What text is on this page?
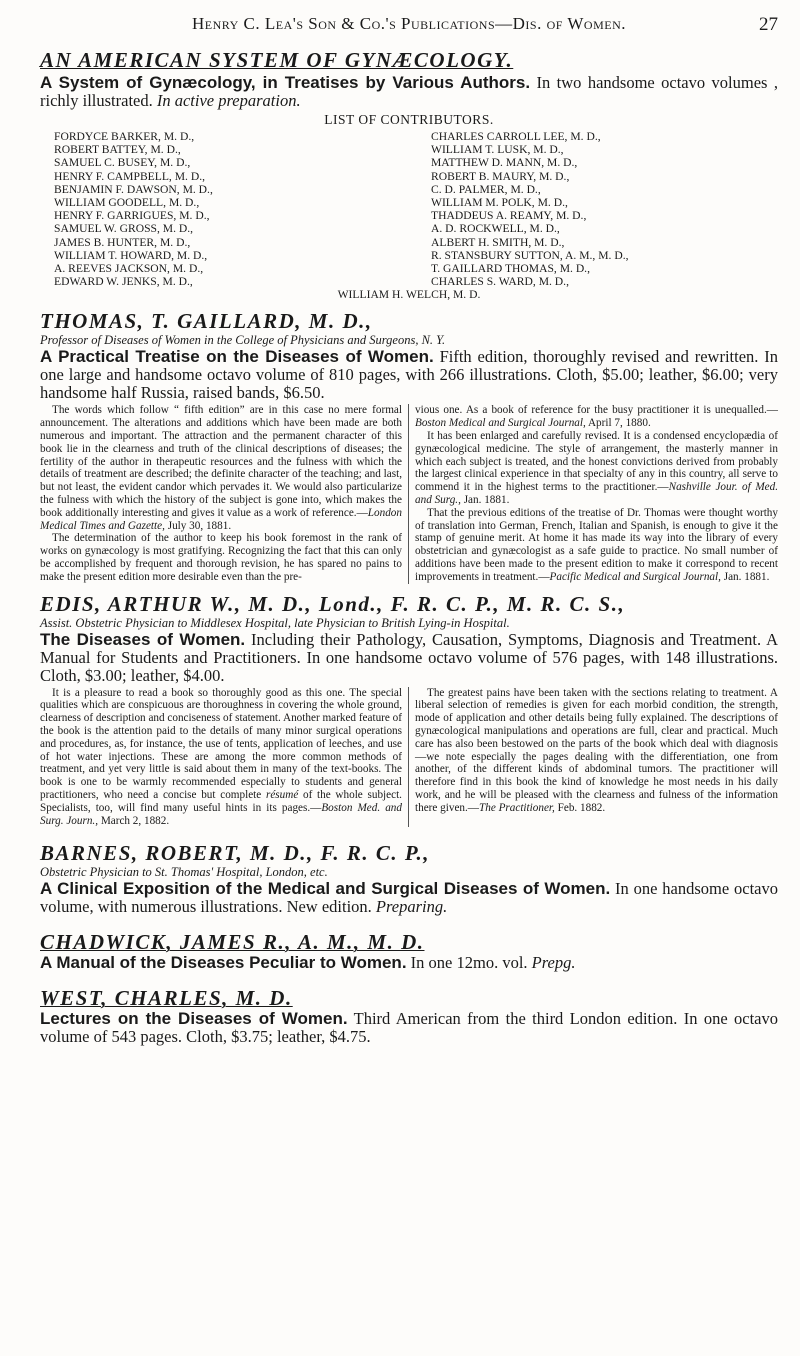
Henry C. Lea's Son & Co.'s Publications—Dis. of Women.	27
AN AMERICAN SYSTEM OF GYNÆCOLOGY.
A System of Gynæcology, in Treatises by Various Authors. In two handsome octavo volumes , richly illustrated. In active preparation.
LIST OF CONTRIBUTORS.
FORDYCE BARKER, M. D.,
ROBERT BATTEY, M. D.,
SAMUEL C. BUSEY, M. D.,
HENRY F. CAMPBELL, M. D.,
BENJAMIN F. DAWSON, M. D.,
WILLIAM GOODELL, M. D.,
HENRY F. GARRIGUES, M. D.,
SAMUEL W. GROSS, M. D.,
JAMES B. HUNTER, M. D.,
WILLIAM T. HOWARD, M. D.,
A. REEVES JACKSON, M. D.,
EDWARD W. JENKS, M. D.,
CHARLES CARROLL LEE, M. D.,
WILLIAM T. LUSK, M. D.,
MATTHEW D. MANN, M. D.,
ROBERT B. MAURY, M. D.,
C. D. PALMER, M. D.,
WILLIAM M. POLK, M. D.,
THADDEUS A. REAMY, M. D.,
A. D. ROCKWELL, M. D.,
ALBERT H. SMITH, M. D.,
R. STANSBURY SUTTON, A. M., M. D.,
T. GAILLARD THOMAS, M. D.,
CHARLES S. WARD, M. D.,
WILLIAM H. WELCH, M. D.
THOMAS, T. GAILLARD, M. D.,
Professor of Diseases of Women in the College of Physicians and Surgeons, N. Y.
A Practical Treatise on the Diseases of Women. Fifth edition, thoroughly revised and rewritten. In one large and handsome octavo volume of 810 pages, with 266 illustrations. Cloth, $5.00; leather, $6.00; very handsome half Russia, raised bands, $6.50.

The words which follow “ fifth edition” are in this case no mere formal announcement. The alterations and additions which have been made are both numerous and important. The attraction and the permanent character of this book lie in the clearness and truth of the clinical descriptions of diseases; the fertility of the author in therapeutic resources and the fulness with which the details of treatment are described; the definite character of the teaching; and last, but not least, the evident candor which pervades it. We would also particularize the fulness with which the history of the subject is gone into, which makes the book additionally interesting and gives it value as a work of reference.—London Medical Times and Gazette, July 30, 1881.

The determination of the author to keep his book foremost in the rank of works on gynæcology is most gratifying. Recognizing the fact that this can only be accomplished by frequent and thorough revision, he has spared no pains to make the present edition more desirable even than the pre-

vious one. As a book of reference for the busy practitioner it is unequalled.—Boston Medical and Surgical Journal, April 7, 1880.

It has been enlarged and carefully revised. It is a condensed encyclopædia of gynæcological medicine. The style of arrangement, the masterly manner in which each subject is treated, and the honest convictions derived from probably the largest clinical experience in that specialty of any in this country, all serve to commend it in the highest terms to the practitioner.—Nashville Jour. of Med. and Surg., Jan. 1881.

That the previous editions of the treatise of Dr. Thomas were thought worthy of translation into German, French, Italian and Spanish, is enough to give it the stamp of genuine merit. At home it has made its way into the library of every obstetrician and gynæcologist as a safe guide to practice. No small number of additions have been made to the present edition to make it correspond to recent improvements in treatment.—Pacific Medical and Surgical Journal, Jan. 1881.

EDIS, ARTHUR W., M. D., Lond., F. R. C. P., M. R. C. S.,
Assist. Obstetric Physician to Middlesex Hospital, late Physician to British Lying-in Hospital.
The Diseases of Women. Including their Pathology, Causation, Symptoms, Diagnosis and Treatment. A Manual for Students and Practitioners. In one handsome octavo volume of 576 pages, with 148 illustrations. Cloth, $3.00; leather, $4.00.

It is a pleasure to read a book so thoroughly good as this one. The special qualities which are conspicuous are thoroughness in covering the whole ground, clearness of description and conciseness of statement. Another marked feature of the book is the attention paid to the details of many minor surgical operations and procedures, as, for instance, the use of tents, application of leeches, and use of hot water injections. These are among the more common methods of treatment, and yet very little is said about them in many of the text-books. The book is one to be warmly recommended especially to students and general practitioners, who need a concise but complete résumé of the whole subject. Specialists, too, will find many useful hints in its pages.—Boston Med. and Surg. Journ., March 2, 1882.

The greatest pains have been taken with the sections relating to treatment. A liberal selection of remedies is given for each morbid condition, the strength, mode of application and other details being fully explained. The descriptions of gynæcological manipulations and operations are full, clear and practical. Much care has also been bestowed on the parts of the book which deal with diagnosis—we note especially the pages dealing with the differentiation, one from another, of the different kinds of abdominal tumors. The practitioner will therefore find in this book the kind of knowledge he most needs in his daily work, and he will be pleased with the clearness and fulness of the information there given.—The Practitioner, Feb. 1882.

BARNES, ROBERT, M. D., F. R. C. P.,
Obstetric Physician to St. Thomas' Hospital, London, etc.
A Clinical Exposition of the Medical and Surgical Diseases of Women. In one handsome octavo volume, with numerous illustrations. New edition. Preparing.
CHADWICK, JAMES R., A. M., M. D.
A Manual of the Diseases Peculiar to Women. In one 12mo. vol. Prepg.
WEST, CHARLES, M. D.
Lectures on the Diseases of Women. Third American from the third London edition. In one octavo volume of 543 pages. Cloth, $3.75; leather, $4.75.
